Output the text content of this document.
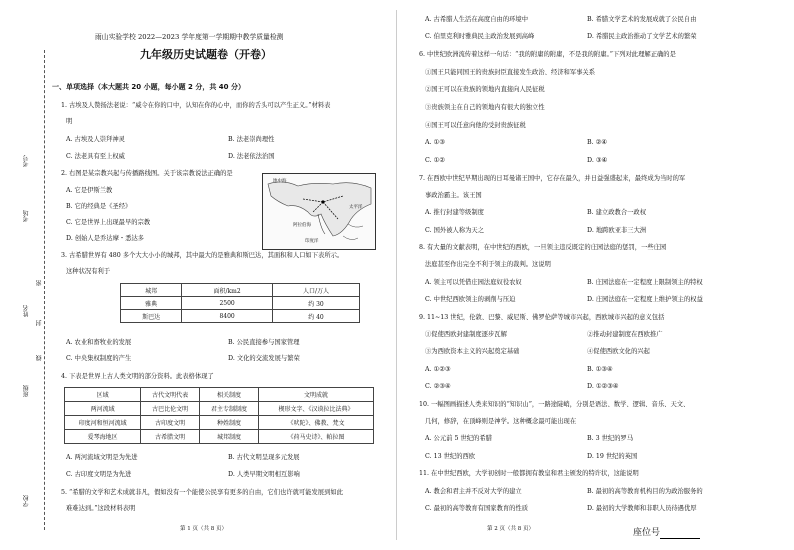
考号
考场
姓名
班级
学校
密
封
线
雨山实验学校 2022—2023 学年度第一学期期中教学质量检测
九年级历史试题卷（开卷）
一、单项选择（本大题共 20 小题，每小题 2 分，共 40 分）
1. 古埃及人赞扬法老说：“威令在你的口中，认知在你的心中，而你的舌头可以产生正义。”材料表
明
A. 古埃及人崇拜神灵	B. 法老崇尚理性
C. 法老具有至上权威	D. 法老依法治国
2. 右图是某宗教兴起与传播路线图。关于该宗教说法正确的是
A. 它是伊斯兰教
B. 它的经典是《圣经》
C. 它是世界上出现最早的宗教
D. 创始人是乔达摩・悉达多
地中海
阿拉伯海
印度洋
太平洋
3. 古希腊世界有 480 多个大大小小的城邦，其中最大的是雅典和斯巴达，其面积和人口如下表所示。
这种状况有利于
城邦	面积/km2	人口/万人
雅典	2500	约 30
斯巴达	8400	约 40
A. 农业和畜牧业的发展	B. 公民直接参与国家管理
C. 中央集权制度的产生	D. 文化的交流发展与繁荣
4. 下表是世界上古人类文明的部分资料。此表格体现了
区域	古代文明代表	相关制度	文明成就
两河流域	古巴比伦文明	君主专制制度	楔形文字、《汉谟拉比法典》
印度河和恒河流域	古印度文明	种姓制度	《吠陀》、佛教、梵文
爱琴海地区	古希腊文明	城邦制度	《荷马史诗》、帕拉图
A. 两河流域文明是为先进	B. 古代文明呈现多元发展
C. 古印度文明是为先进	D. 人类早期文明相互影响
5. “希腊的文学和艺术成就非凡，假如没有一个能使公民享有更多的自由，它们也许就可能发展到如此
难难达到。”这段材料表明
第 1 页（共 8 页）
A. 古希腊人生活在高度自由的环境中	B. 希腊文学艺术的发展成就了公民自由
C. 伯里克利时雅典民主政治发展到高峰	D. 希腊民主政治推动了文学艺术的繁荣
6. 中世纪欧洲流传着这样一句话：“我的附庸的附庸，不是我的附庸。”下列对此理解正确的是
①国王只能同国王的贵族封臣直接发生政治、经济和军事关系
②国王可以在贵族的领地内直接向人民征税
③贵族领主在自己的领地内有很大的独立性
④国王可以任意向他的受封贵族征税
A. ①③	B. ②④
C. ①②	D. ③④
7. 在西欧中世纪早期出现的日耳曼诸王国中，它存在最久，并日益强盛起来，最终成为当时的军
事政治霸主。该王国
A. 推行封建等级制度	B. 建立政教合一政权
C. 国外被人称为天之	D. 地跨欧亚非三大洲
8. 有大量的文献表明，在中世纪的西欧，一旦领主违反既定的庄园法庭的惩罚，一些庄园
法庭甚至作出完全不利于领主的裁判。这说明
A. 领主可以凭借庄园法庭奴役农奴	B. 庄园法庭在一定程度上限制领主的特权
C. 中世纪西欧领主的剥削与压迫	D. 庄园法庭在一定程度上维护领主的权益
9. 11~13 世纪，伦敦、巴黎、威尼斯、佛罗伦萨等城市兴起，西欧城市兴起的意义包括
①促使西欧封建制度逐步瓦解	②推动封建制度在西欧推广
③为西欧资本主义的兴起奠定基础	④促使西欧文化的兴起
A. ①②③	B. ①③④
C. ②③④	D. ①②③④
10. 一幅图画描述人类来知识的“知识山”，一路途陡峭，分别是语法、数学、逻辑、音乐、天文、
几何，修辞，在顶峰则是神学。这种概念最可能出现在
A. 公元前 5 世纪的希腊	B. 3 世纪的罗马
C. 13 世纪的西欧	D. 19 世纪的英国
11. 在中世纪西欧，大学初创时一般都拥有教皇和君主颁发的特许状，这能说明
A. 教会和君主并不反对大学的建立	B. 最初的高等教育机构目的为政治服务的
C. 最初的高等教育有国家教育的性质	D. 最初的大学教师和非职人员待遇优厚
第 2 页（共 8 页）	座位号
